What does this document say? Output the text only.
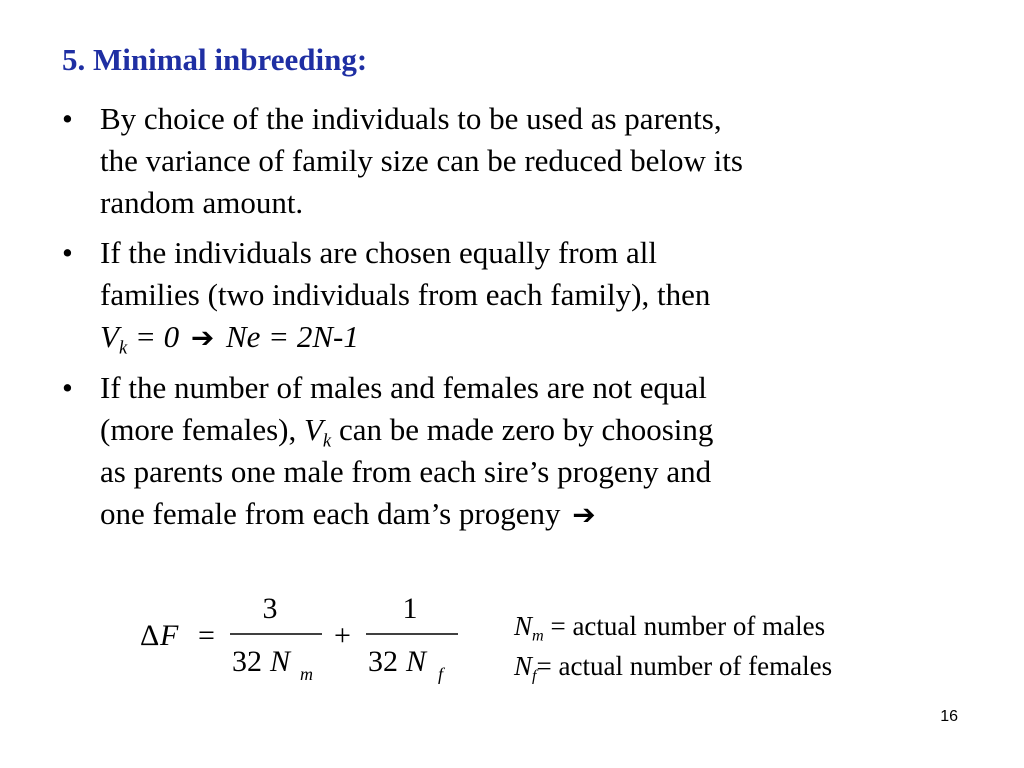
5. Minimal inbreeding:
• By choice of the individuals to be used as parents,
the variance of family size can be reduced below its
random amount.
• If the individuals are chosen equally from all
families (two individuals from each family), then
$V_k = 0$ ➔ Ne = 2N-1
• If the number of males and females are not equal
(more females), $V_k$ can be made zero by choosing
as parents one male from each sire’s progeny and
one female from each dam’s progeny ➔
Δ F =
3
32 N m
+
1
32 N f
$N_m$ = actual number of males
$N_f=$ actual number of females
16
